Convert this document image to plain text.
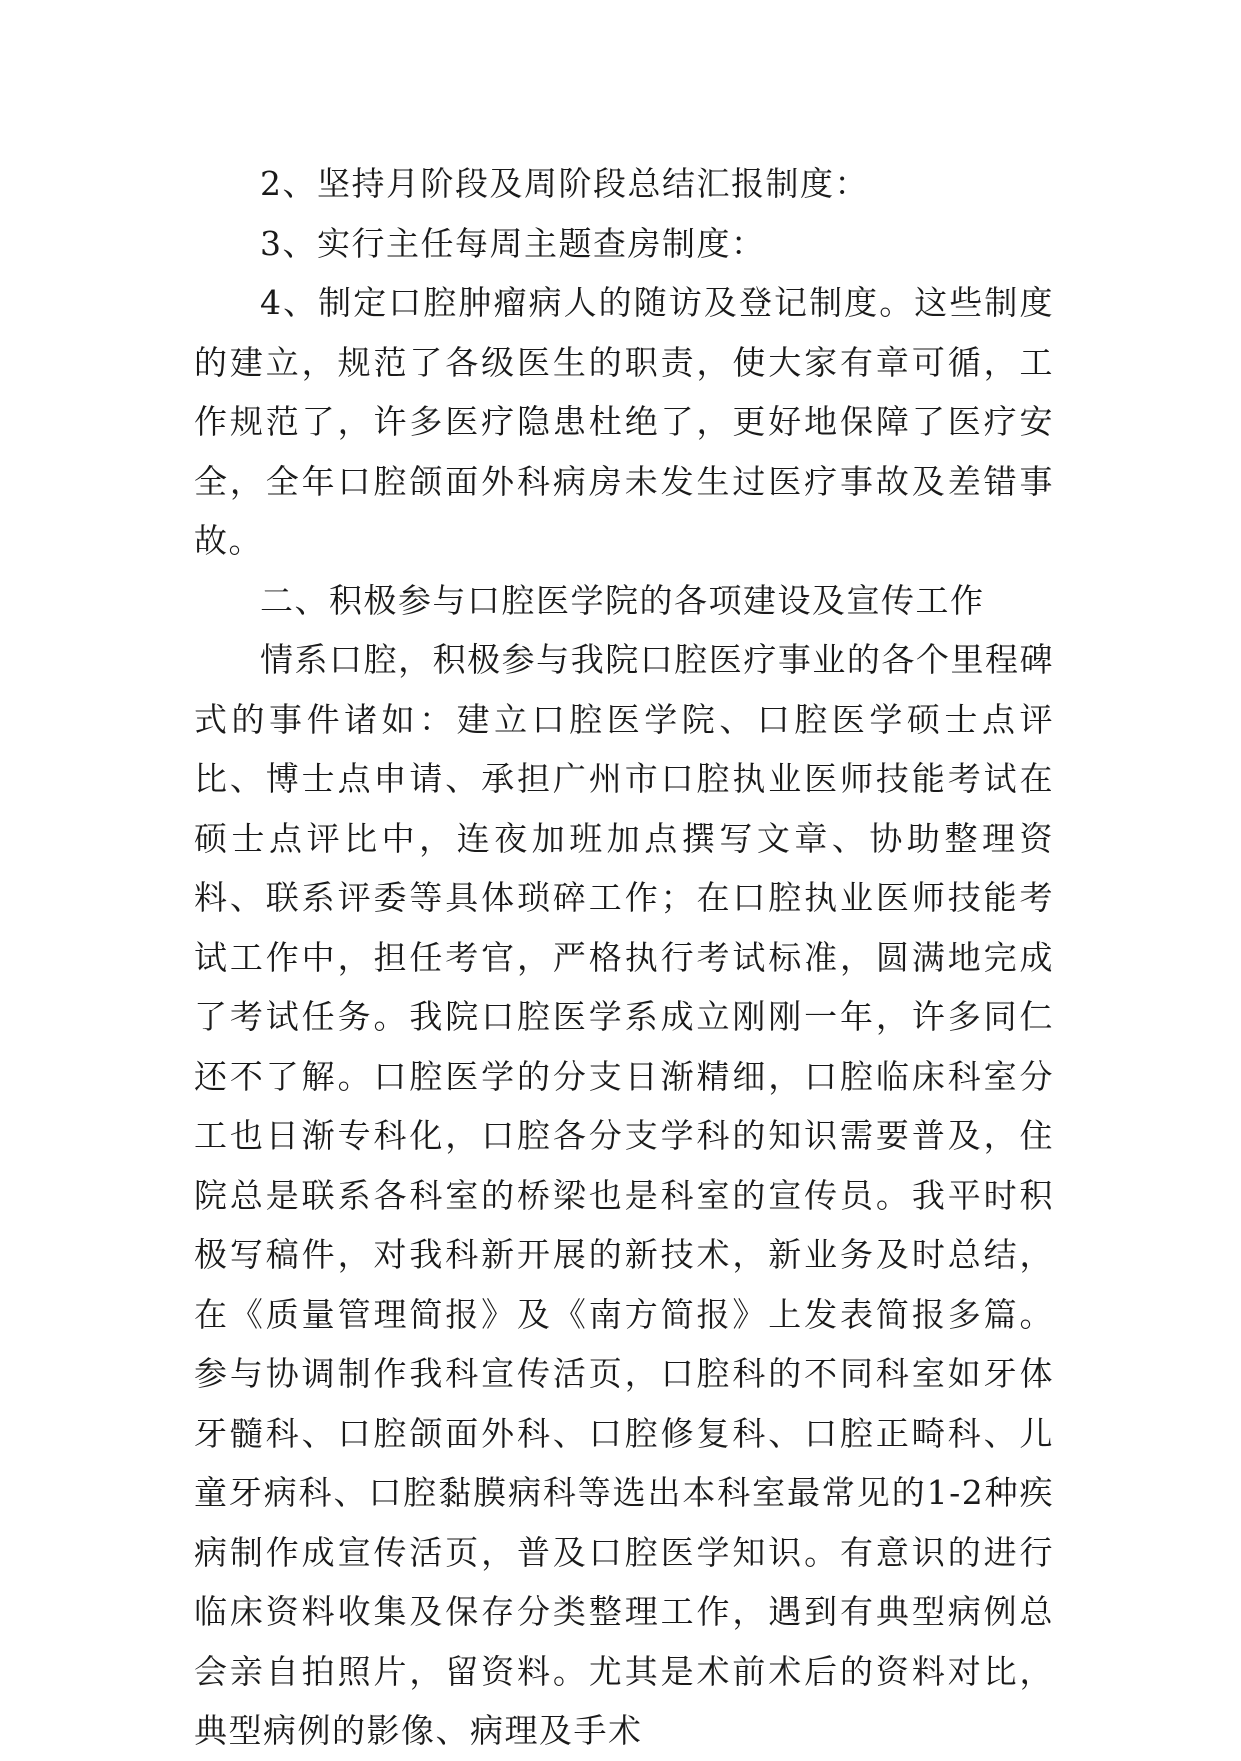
2、坚持月阶段及周阶段总结汇报制度：

3、实行主任每周主题查房制度：

4、制定口腔肿瘤病人的随访及登记制度。这些制度的建立，规范了各级医生的职责，使大家有章可循，工作规范了，许多医疗隐患杜绝了，更好地保障了医疗安全，全年口腔颌面外科病房未发生过医疗事故及差错事故。

二、积极参与口腔医学院的各项建设及宣传工作

情系口腔，积极参与我院口腔医疗事业的各个里程碑式的事件诸如：建立口腔医学院、口腔医学硕士点评比、博士点申请、承担广州市口腔执业医师技能考试在硕士点评比中，连夜加班加点撰写文章、协助整理资料、联系评委等具体琐碎工作；在口腔执业医师技能考试工作中，担任考官，严格执行考试标准，圆满地完成了考试任务。我院口腔医学系成立刚刚一年，许多同仁还不了解。口腔医学的分支日渐精细，口腔临床科室分工也日渐专科化，口腔各分支学科的知识需要普及，住院总是联系各科室的桥梁也是科室的宣传员。我平时积极写稿件，对我科新开展的新技术，新业务及时总结，在《质量管理简报》及《南方简报》上发表简报多篇。参与协调制作我科宣传活页，口腔科的不同科室如牙体牙髓科、口腔颌面外科、口腔修复科、口腔正畸科、儿童牙病科、口腔黏膜病科等选出本科室最常见的1-2种疾病制作成宣传活页，普及口腔医学知识。有意识的进行临床资料收集及保存分类整理工作，遇到有典型病例总会亲自拍照片，留资料。尤其是术前术后的资料对比，典型病例的影像、病理及手术
